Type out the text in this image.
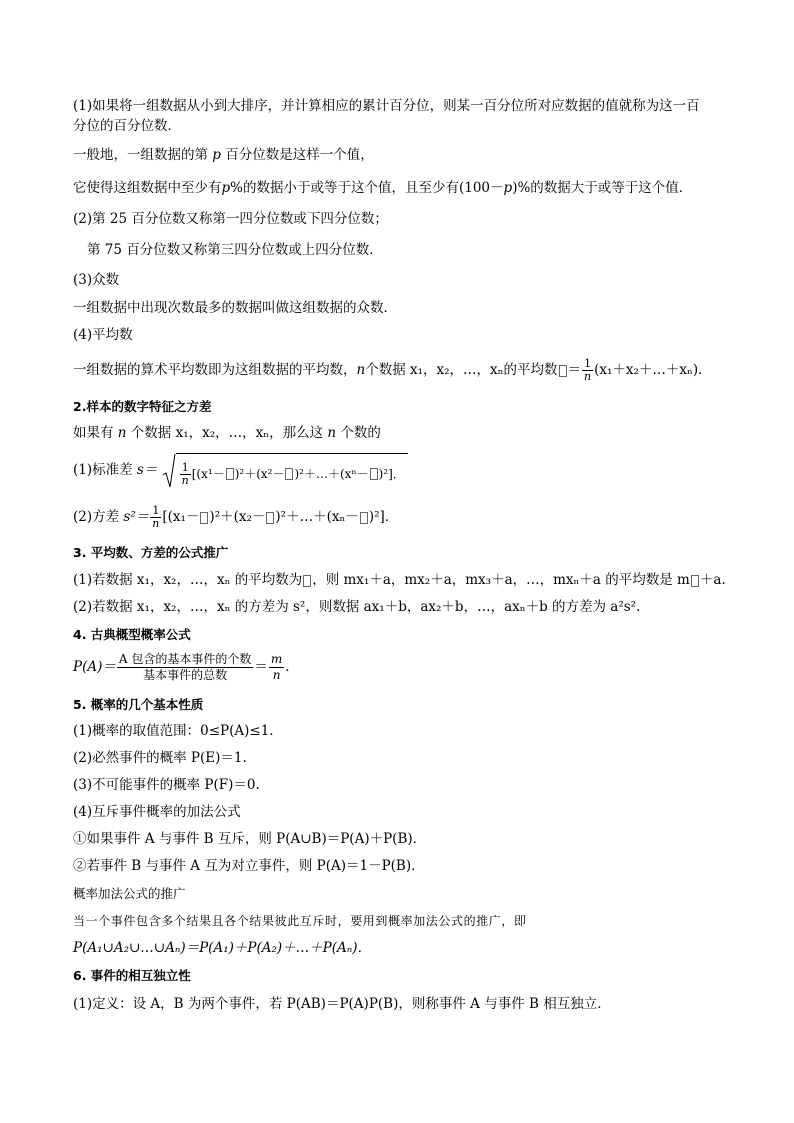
(1)如果将一组数据从小到大排序，并计算相应的累计百分位，则某一百分位所对应数据的值就称为这一百
分位的百分位数．
一般地，一组数据的第 p 百分位数是这样一个值，
它使得这组数据中至少有p%的数据小于或等于这个值，且至少有(100－p)%的数据大于或等于这个值．
(2)第 25 百分位数又称第一四分位数或下四分位数；
第 75 百分位数又称第三四分位数或上四分位数．
(3)众数
一组数据中出现次数最多的数据叫做这组数据的众数．
(4)平均数
一组数据的算术平均数即为这组数据的平均数，n个数据 x₁，x₂，…，xₙ的平均数 ＝ $\frac{1}{n}$ (x₁＋x₂＋…＋xₙ)．
2.样本的数字特征之方差
如果有 n 个数据 x₁，x₂，…，xₙ，那么这 n 个数的
(1)标准差 $s= \frac{1}{n} [(x^1- )^2+(x^2-$ )²＋…＋(xⁿ－ )²]．
(2)方差 $s^2= \frac{1}{n} [(x_1- )^2+(x_2-$ )²＋…＋(xₙ－ )²]．
3. 平均数、方差的公式推广
(1)若数据 x₁，x₂，…，xₙ 的平均数为 ，则 mx₁＋a，mx₂＋a，mx₃＋a，…，mxₙ＋a 的平均数是 m ＋a.
(2)若数据 x₁，x₂，…，xₙ 的方差为 s²，则数据 ax₁＋b，ax₂＋b，…，axₙ＋b 的方差为 a²s².
4. 古典概型概率公式
$P(A)= \frac{\text{A 包含的基本事件的个数}}{\text{基本事件的总数}} = \frac{m}{n}$ .
5. 概率的几个基本性质
(1)概率的取值范围：0≤P(A)≤1.
(2)必然事件的概率 P(E)＝1.
(3)不可能事件的概率 P(F)＝0.
(4)互斥事件概率的加法公式
①如果事件 A 与事件 B 互斥，则 P(A∪B)＝P(A)＋P(B)．
②若事件 B 与事件 A 互为对立事件，则 P(A)＝1－P(B)．
概率加法公式的推广
当一个事件包含多个结果且各个结果彼此互斥时，要用到概率加法公式的推广，即
P(A₁∪A₂∪…∪Aₙ)＝P(A₁)＋P(A₂)＋…＋P(Aₙ)．
6. 事件的相互独立性
(1)定义：设 A，B 为两个事件，若 P(AB)＝P(A)P(B)，则称事件 A 与事件 B 相互独立．
